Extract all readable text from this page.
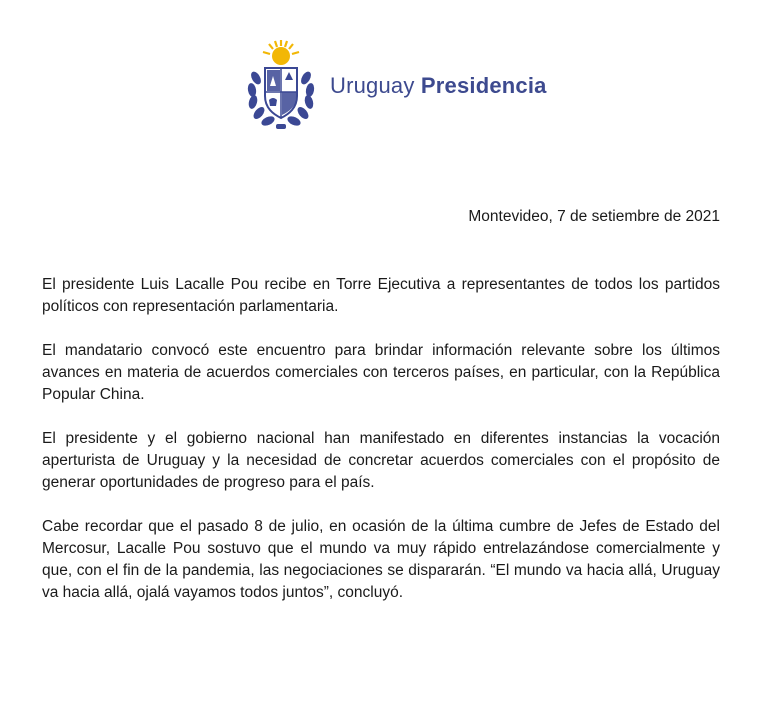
Uruguay Presidencia
Montevideo, 7 de setiembre de 2021

El presidente Luis Lacalle Pou recibe en Torre Ejecutiva a representantes de todos los partidos políticos con representación parlamentaria.

El mandatario convocó este encuentro para brindar información relevante sobre los últimos avances en materia de acuerdos comerciales con terceros países, en particular, con la República Popular China.

El presidente y el gobierno nacional han manifestado en diferentes instancias la vocación aperturista de Uruguay y la necesidad de concretar acuerdos comerciales con el propósito de generar oportunidades de progreso para el país.

Cabe recordar que el pasado 8 de julio, en ocasión de la última cumbre de Jefes de Estado del Mercosur, Lacalle Pou sostuvo que el mundo va muy rápido entrelazándose comercialmente y que, con el fin de la pandemia, las negociaciones se dispararán. “El mundo va hacia allá, Uruguay va hacia allá, ojalá vayamos todos juntos”, concluyó.
